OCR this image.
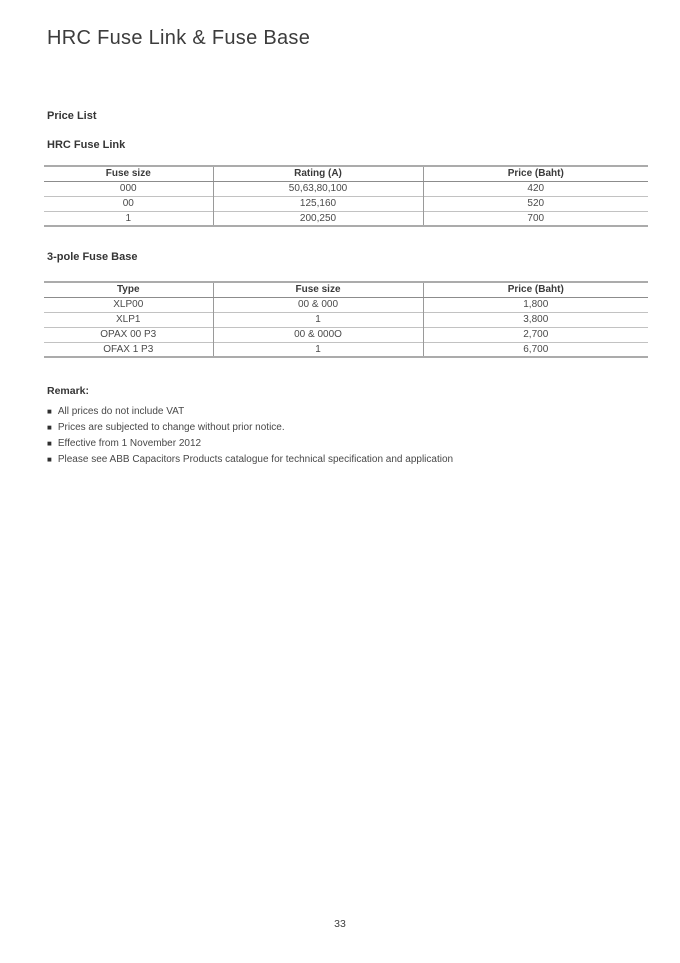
HRC Fuse Link & Fuse Base
Price List
HRC Fuse Link
Fuse size	Rating (A)	Price (Baht)
000	50,63,80,100	420
00	125,160	520
1	200,250	700
3-pole Fuse Base
Type	Fuse size	Price (Baht)
XLP00	00 & 000	1,800
XLP1	1	3,800
OPAX 00 P3	00 & 000O	2,700
OFAX 1 P3	1	6,700
Remark:
■ All prices do not include VAT
■ Prices are subjected to change without prior notice.
■ Effective from 1 November 2012
■ Please see ABB Capacitors Products catalogue for technical specification and application
33
